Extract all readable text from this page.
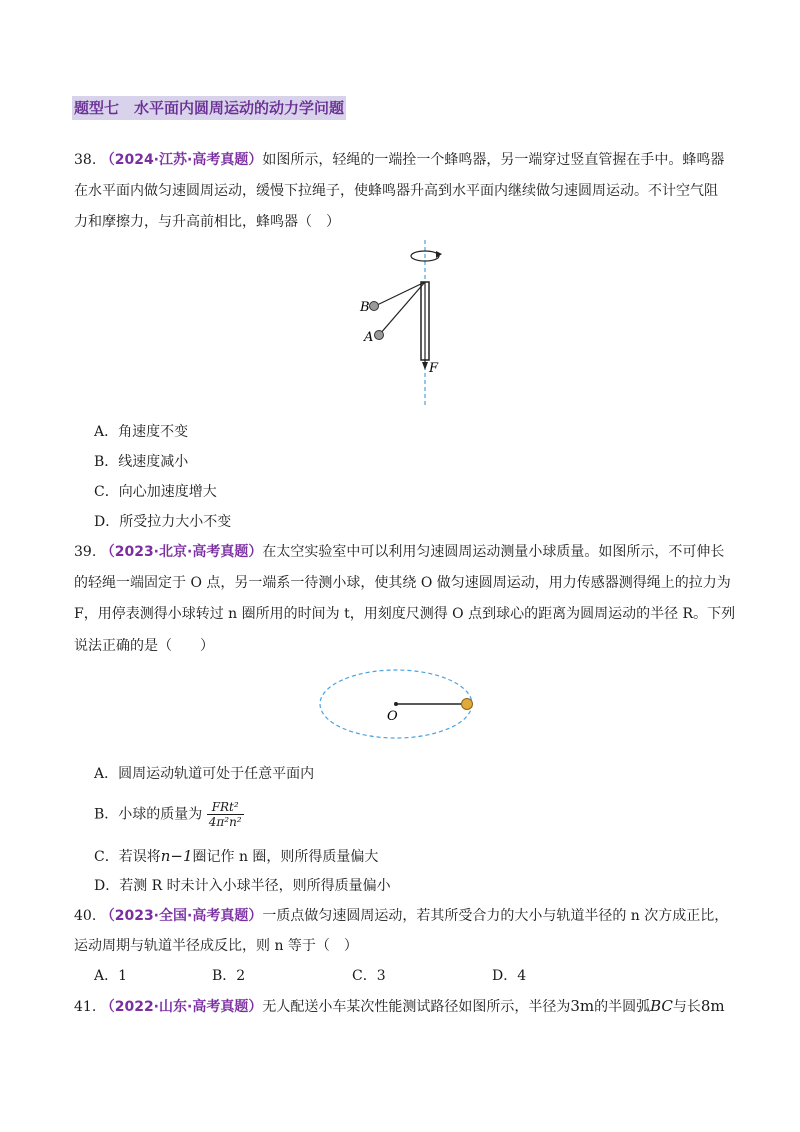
题型七　水平面内圆周运动的动力学问题
38. （2024·江苏·高考真题）如图所示，轻绳的一端拴一个蜂鸣器，另一端穿过竖直管握在手中。蜂鸣器
在水平面内做匀速圆周运动，缓慢下拉绳子，使蜂鸣器升高到水平面内继续做匀速圆周运动。不计空气阻
力和摩擦力，与升高前相比，蜂鸣器（　）
B
A
F
A．角速度不变
B．线速度减小
C．向心加速度增大
D．所受拉力大小不变
39. （2023·北京·高考真题）在太空实验室中可以利用匀速圆周运动测量小球质量。如图所示，不可伸长
的轻绳一端固定于 O 点，另一端系一待测小球，使其绕 O 做匀速圆周运动，用力传感器测得绳上的拉力为
F，用停表测得小球转过 n 圈所用的时间为 t，用刻度尺测得 O 点到球心的距离为圆周运动的半径 R。下列
说法正确的是（　　）
O
A．圆周运动轨道可处于任意平面内
B．小球的质量为 $\frac{\text{FRt²}}{\text{4π²n²}}$
C．若误将n−1圈记作 n 圈，则所得质量偏大
D．若测 R 时未计入小球半径，则所得质量偏小
40. （2023·全国·高考真题）一质点做匀速圆周运动，若其所受合力的大小与轨道半径的 n 次方成正比，
运动周期与轨道半径成反比，则 n 等于（　）
A．1	B．2	C．3	D．4
41. （2022·山东·高考真题）无人配送小车某次性能测试路径如图所示，半径为3m的半圆弧BC与长8m
